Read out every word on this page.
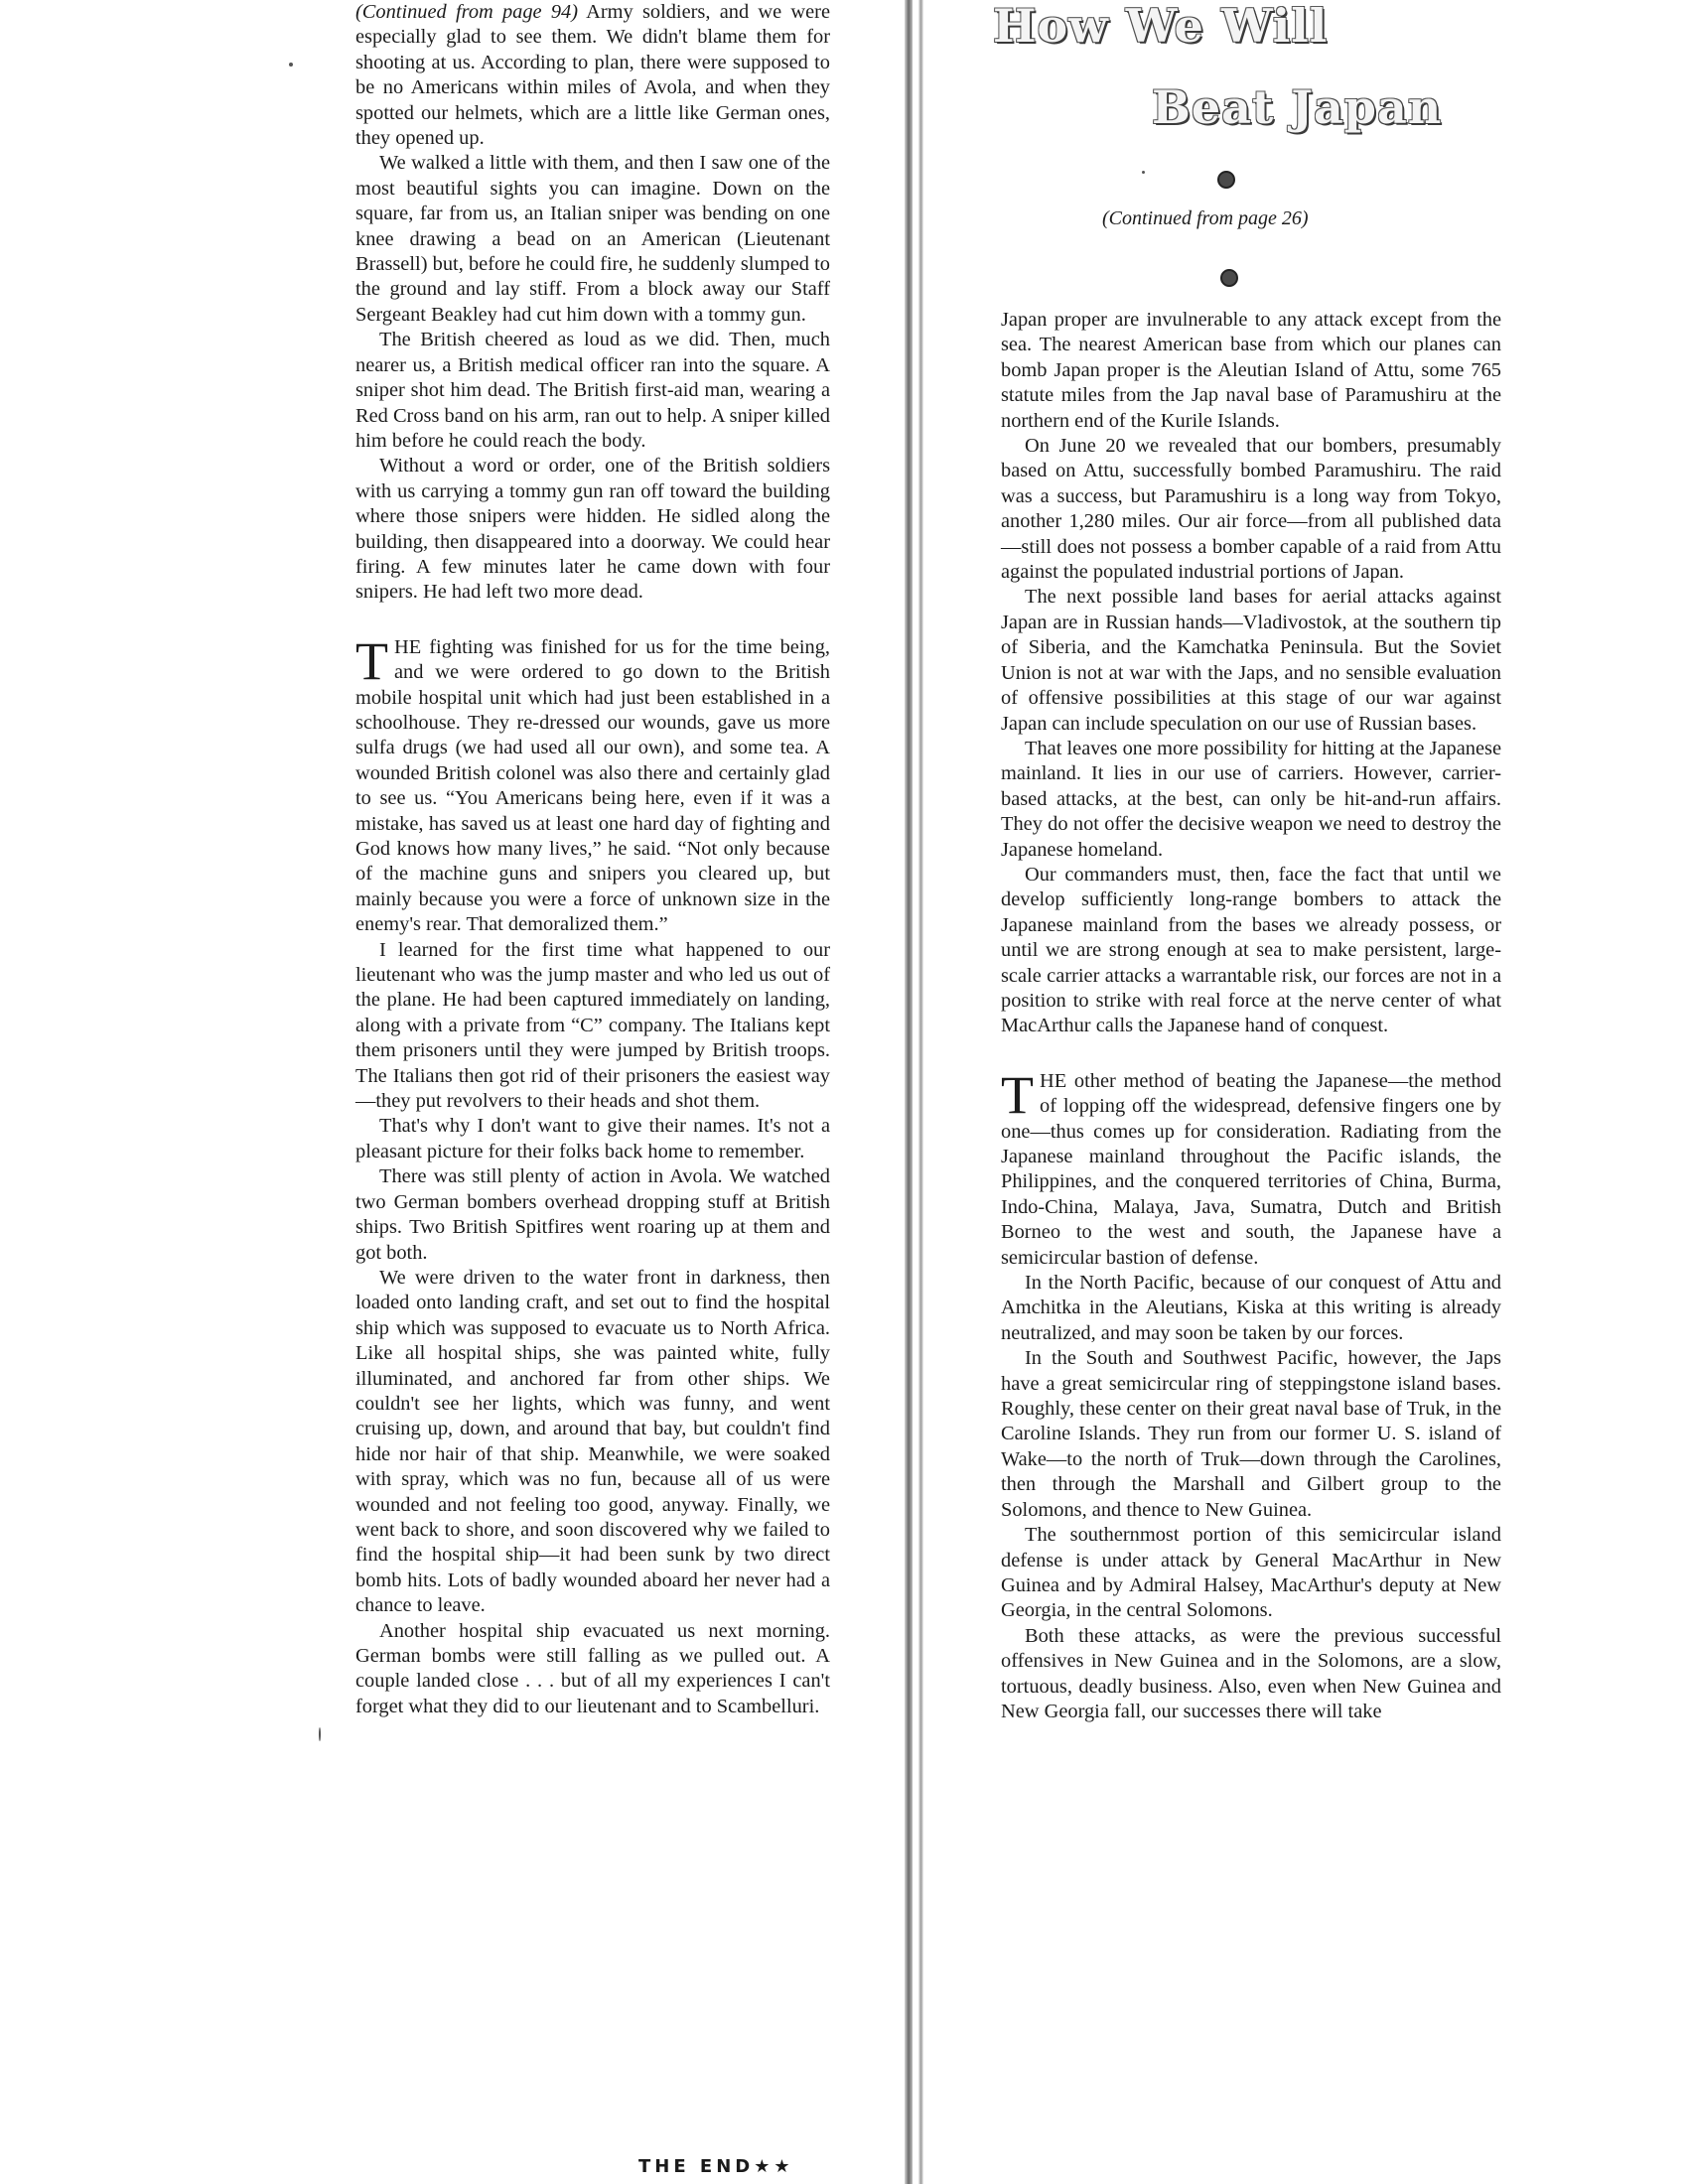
(Continued from page 94) Army soldiers, and we were especially glad to see them. We didn't blame them for shooting at us. According to plan, there were supposed to be no Americans within miles of Avola, and when they spotted our helmets, which are a little like German ones, they opened up.

We walked a little with them, and then I saw one of the most beautiful sights you can imagine. Down on the square, far from us, an Italian sniper was bending on one knee drawing a bead on an American (Lieutenant Brassell) but, before he could fire, he suddenly slumped to the ground and lay stiff. From a block away our Staff Sergeant Beakley had cut him down with a tommy gun.

The British cheered as loud as we did. Then, much nearer us, a British medical officer ran into the square. A sniper shot him dead. The British first-aid man, wearing a Red Cross band on his arm, ran out to help. A sniper killed him before he could reach the body.

Without a word or order, one of the British soldiers with us carrying a tommy gun ran off toward the building where those snipers were hidden. He sidled along the building, then disappeared into a doorway. We could hear firing. A few minutes later he came down with four snipers. He had left two more dead.

THE fighting was finished for us for the time being, and we were ordered to go down to the British mobile hospital unit which had just been established in a schoolhouse. They re-dressed our wounds, gave us more sulfa drugs (we had used all our own), and some tea. A wounded British colonel was also there and certainly glad to see us. “You Americans being here, even if it was a mistake, has saved us at least one hard day of fighting and God knows how many lives,” he said. “Not only because of the machine guns and snipers you cleared up, but mainly because you were a force of unknown size in the enemy's rear. That demoralized them.”

I learned for the first time what happened to our lieutenant who was the jump master and who led us out of the plane. He had been captured immediately on landing, along with a private from “C” company. The Italians kept them prisoners until they were jumped by British troops. The Italians then got rid of their prisoners the easiest way—they put revolvers to their heads and shot them.

That's why I don't want to give their names. It's not a pleasant picture for their folks back home to remember.

There was still plenty of action in Avola. We watched two German bombers overhead dropping stuff at British ships. Two British Spitfires went roaring up at them and got both.

We were driven to the water front in darkness, then loaded onto landing craft, and set out to find the hospital ship which was supposed to evacuate us to North Africa. Like all hospital ships, she was painted white, fully illuminated, and anchored far from other ships. We couldn't see her lights, which was funny, and went cruising up, down, and around that bay, but couldn't find hide nor hair of that ship. Meanwhile, we were soaked with spray, which was no fun, because all of us were wounded and not feeling too good, anyway. Finally, we went back to shore, and soon discovered why we failed to find the hospital ship—it had been sunk by two direct bomb hits. Lots of badly wounded aboard her never had a chance to leave.

Another hospital ship evacuated us next morning. German bombs were still falling as we pulled out. A couple landed close . . . but of all my experiences I can't forget what they did to our lieutenant and to Scambelluri.

THE END★★
How We Will
Beat Japan
(Continued from page 26)

Japan proper are invulnerable to any attack except from the sea. The nearest American base from which our planes can bomb Japan proper is the Aleutian Island of Attu, some 765 statute miles from the Jap naval base of Paramushiru at the northern end of the Kurile Islands.

On June 20 we revealed that our bombers, presumably based on Attu, successfully bombed Paramushiru. The raid was a success, but Paramushiru is a long way from Tokyo, another 1,280 miles. Our air force—from all published data—still does not possess a bomber capable of a raid from Attu against the populated industrial portions of Japan.

The next possible land bases for aerial attacks against Japan are in Russian hands—Vladivostok, at the southern tip of Siberia, and the Kamchatka Peninsula. But the Soviet Union is not at war with the Japs, and no sensible evaluation of offensive possibilities at this stage of our war against Japan can include speculation on our use of Russian bases.

That leaves one more possibility for hitting at the Japanese mainland. It lies in our use of carriers. However, carrier-based attacks, at the best, can only be hit-and-run affairs. They do not offer the decisive weapon we need to destroy the Japanese homeland.

Our commanders must, then, face the fact that until we develop sufficiently long-range bombers to attack the Japanese mainland from the bases we already possess, or until we are strong enough at sea to make persistent, large-scale carrier attacks a warrantable risk, our forces are not in a position to strike with real force at the nerve center of what MacArthur calls the Japanese hand of conquest.

THE other method of beating the Japanese—the method of lopping off the widespread, defensive fingers one by one—thus comes up for consideration. Radiating from the Japanese mainland throughout the Pacific islands, the Philippines, and the conquered territories of China, Burma, Indo-China, Malaya, Java, Sumatra, Dutch and British Borneo to the west and south, the Japanese have a semicircular bastion of defense.

In the North Pacific, because of our conquest of Attu and Amchitka in the Aleutians, Kiska at this writing is already neutralized, and may soon be taken by our forces.

In the South and Southwest Pacific, however, the Japs have a great semicircular ring of steppingstone island bases. Roughly, these center on their great naval base of Truk, in the Caroline Islands. They run from our former U. S. island of Wake—to the north of Truk—down through the Carolines, then through the Marshall and Gilbert group to the Solomons, and thence to New Guinea.

The southernmost portion of this semicircular island defense is under attack by General MacArthur in New Guinea and by Admiral Halsey, MacArthur's deputy at New Georgia, in the central Solomons.

Both these attacks, as were the previous successful offensives in New Guinea and in the Solomons, are a slow, tortuous, deadly business. Also, even when New Guinea and New Georgia fall, our successes there will take
